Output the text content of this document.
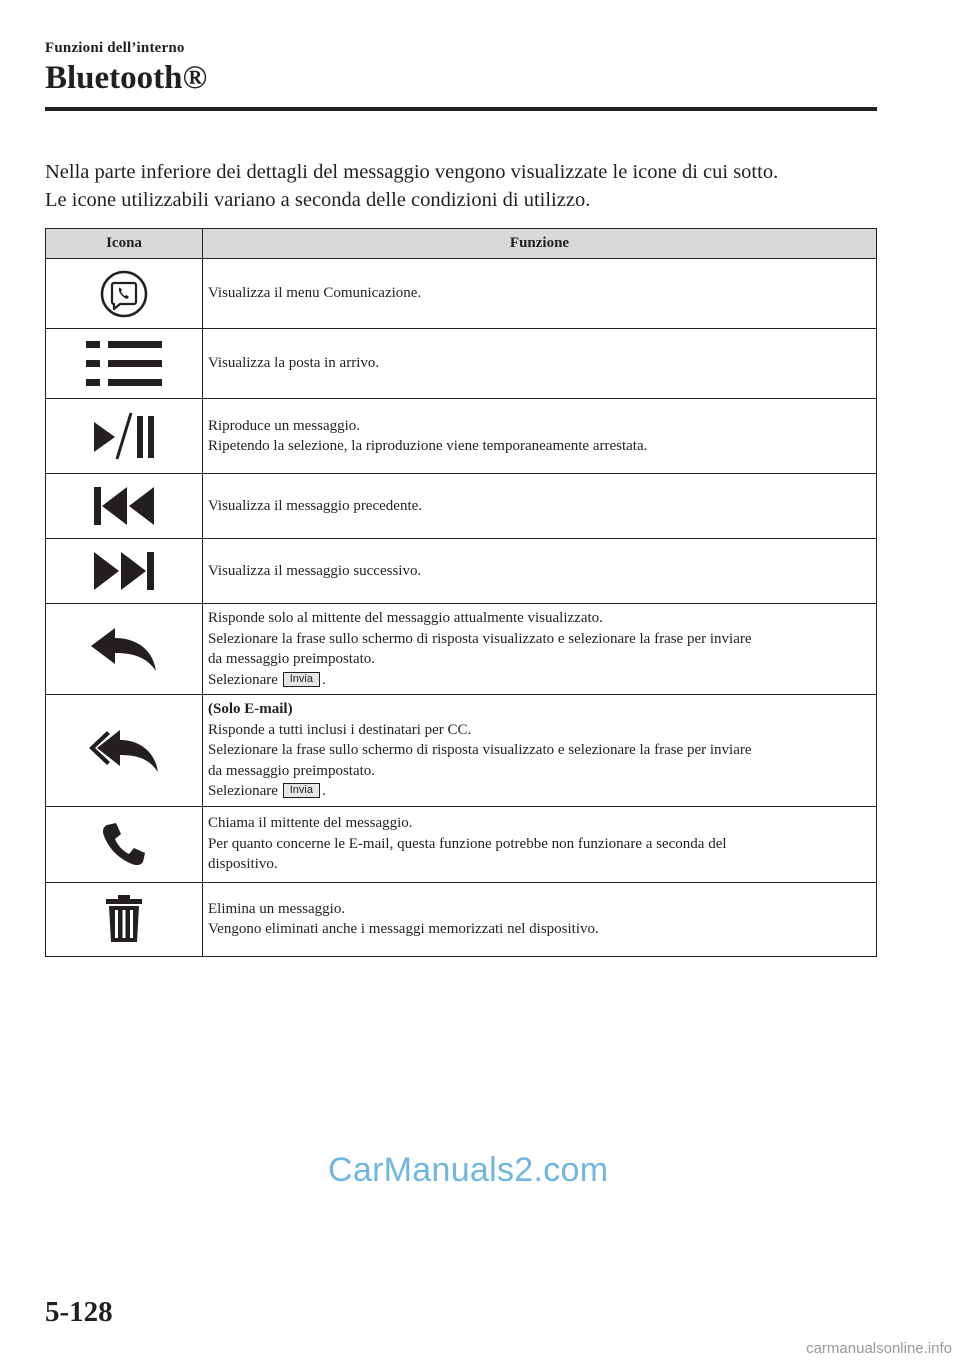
Funzioni dell’interno
Bluetooth®
Nella parte inferiore dei dettagli del messaggio vengono visualizzate le icone di cui sotto.
Le icone utilizzabili variano a seconda delle condizioni di utilizzo.
Icona	Funzione

Visualizza il menu Comunicazione.

Visualizza la posta in arrivo.

Riproduce un messaggio.
Ripetendo la selezione, la riproduzione viene temporaneamente arrestata.

Visualizza il messaggio precedente.

Visualizza il messaggio successivo.

Risponde solo al mittente del messaggio attualmente visualizzato.
Selezionare la frase sullo schermo di risposta visualizzato e selezionare la frase per inviare
da messaggio preimpostato.
Selezionare Invia .

(Solo E-mail)
Risponde a tutti inclusi i destinatari per CC.
Selezionare la frase sullo schermo di risposta visualizzato e selezionare la frase per inviare
da messaggio preimpostato.
Selezionare Invia .

Chiama il mittente del messaggio.
Per quanto concerne le E-mail, questa funzione potrebbe non funzionare a seconda del
dispositivo.

Elimina un messaggio.
Vengono eliminati anche i messaggi memorizzati nel dispositivo.
CarManuals2.com
5-128
carmanualsonline.info
